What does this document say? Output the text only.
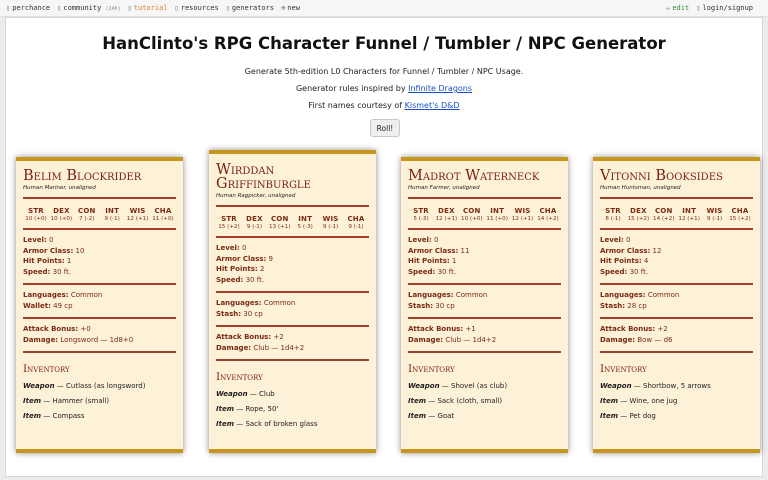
▯ perchance ▯ community (24h) ▯ tutorial ▯ resources ▯ generators ⊕ new	✏ edit ▯ login/signup
HanClinto's RPG Character Funnel / Tumbler / NPC Generator
Generate 5th-edition L0 Characters for Funnel / Tumbler / NPC Usage.
Generator rules inspired by Infinite Dragons
First names courtesy of Kismet's D&D
Roll!
Belim Blockrider
Human Mariner, unaligned
STR
10 (+0)
DEX
10 (+0)
CON
7 (-2)
INT
9 (-1)
WIS
12 (+1)
CHA
11 (+0)
Level: 0
Armor Class: 10
Hit Points: 1
Speed: 30 ft.
Languages: Common
Wallet: 49 cp
Attack Bonus: +0
Damage: Longsword — 1d8+0
Inventory
Weapon — Cutlass (as longsword)
Item — Hammer (small)
Item — Compass
Wirddan Griffinburgle
Human Ragpicker, unaligned
STR
15 (+2)
DEX
9 (-1)
CON
13 (+1)
INT
5 (-3)
WIS
9 (-1)
CHA
9 (-1)
Level: 0
Armor Class: 9
Hit Points: 2
Speed: 30 ft.
Languages: Common
Stash: 30 cp
Attack Bonus: +2
Damage: Club — 1d4+2
Inventory
Weapon — Club
Item — Rope, 50'
Item — Sack of broken glass
Madrot Waterneck
Human Farmer, unaligned
STR
5 (-3)
DEX
12 (+1)
CON
10 (+0)
INT
11 (+0)
WIS
12 (+1)
CHA
14 (+2)
Level: 0
Armor Class: 11
Hit Points: 1
Speed: 30 ft.
Languages: Common
Stash: 30 cp
Attack Bonus: +1
Damage: Club — 1d4+2
Inventory
Weapon — Shovel (as club)
Item — Sack (cloth, small)
Item — Goat
Vitonni Booksides
Human Huntsman, unaligned
STR
8 (-1)
DEX
15 (+2)
CON
14 (+2)
INT
12 (+1)
WIS
9 (-1)
CHA
15 (+2)
Level: 0
Armor Class: 12
Hit Points: 4
Speed: 30 ft.
Languages: Common
Stash: 28 cp
Attack Bonus: +2
Damage: Bow — d6
Inventory
Weapon — Shortbow, 5 arrows
Item — Wine, one jug
Item — Pet dog
